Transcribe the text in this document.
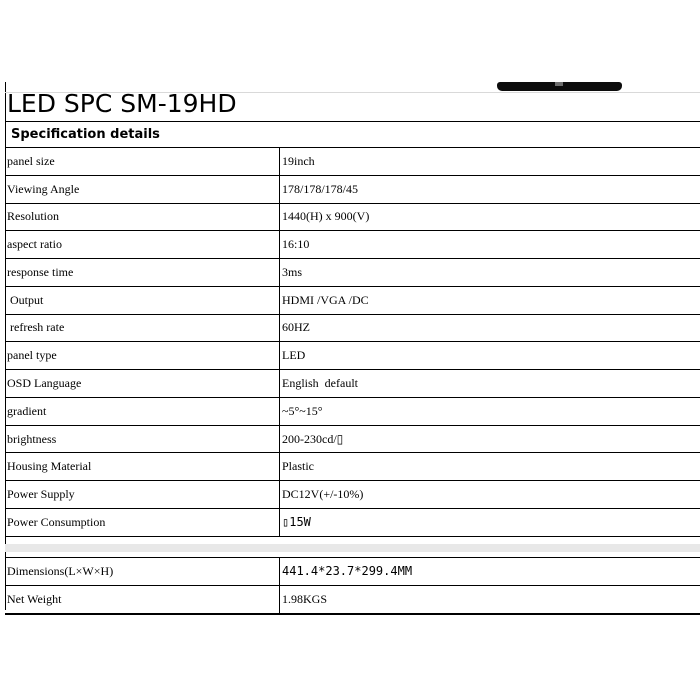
LED SPC SM-19HD
Specification details
panel size	19inch
Viewing Angle	178/178/178/45
Resolution	1440(H) x 900(V)
aspect ratio	16:10
response time	3ms
Output	HDMI /VGA /DC
refresh rate	60HZ
panel type	LED
OSD Language	English  default
gradient	~5°~15°
brightness	200-230cd/▯
Housing Material	Plastic
Power Supply	DC12V(+/-10%)
Power Consumption	▯15W
Dimensions(L×W×H)	441.4*23.7*299.4MM
Net Weight	1.98KGS
